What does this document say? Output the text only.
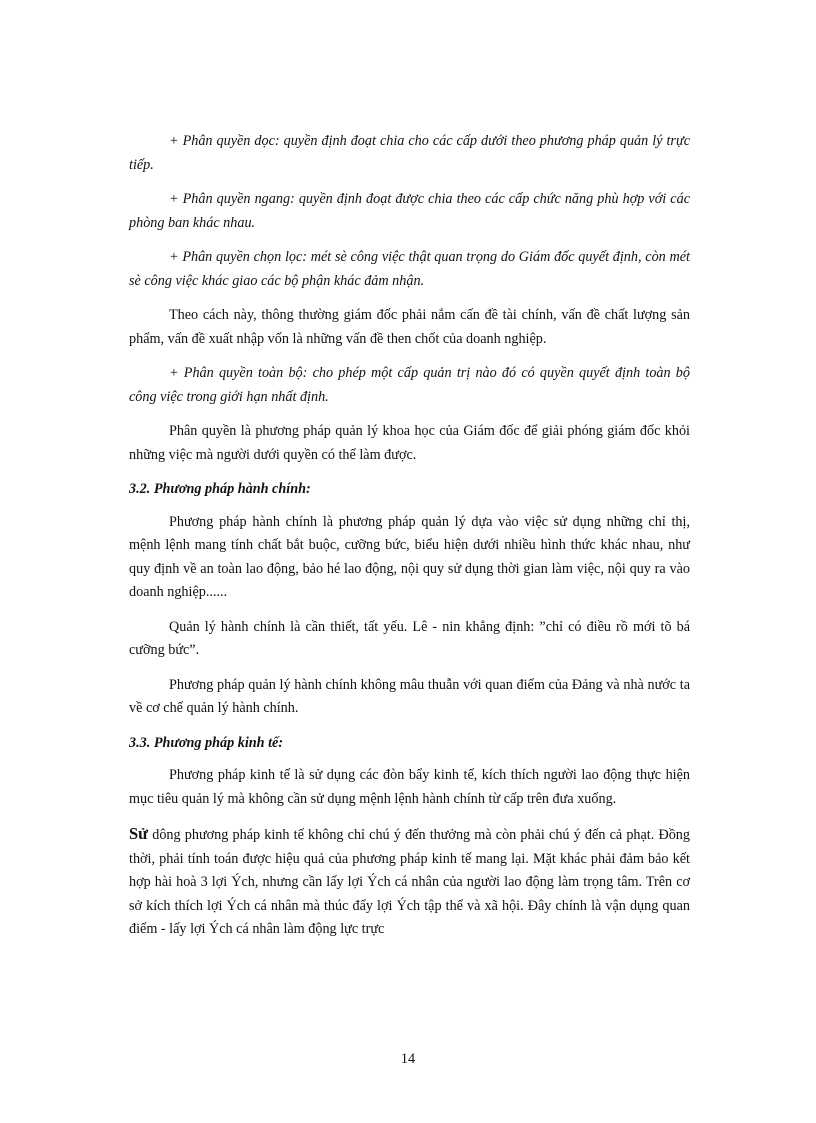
+ Phân quyền dọc: quyền định đoạt chia cho các cấp dưới theo phương pháp quản lý trực tiếp.

+ Phân quyền ngang: quyền định đoạt được chia theo các cấp chức năng phù hợp với các phòng ban khác nhau.

+ Phân quyền chọn lọc: mét sè công việc thật quan trọng do Giám đốc quyết định, còn mét sè công việc khác giao các bộ phận khác đảm nhận.

Theo cách này, thông thường giám đốc phải nắm cấn đề tài chính, vấn đề chất lượng sản phẩm, vấn đề xuất nhập vốn là những vấn đề then chốt của doanh nghiệp.

+ Phân quyền toàn bộ: cho phép một cấp quản trị nào đó có quyền quyết định toàn bộ công việc trong giới hạn nhất định.

Phân quyền là phương pháp quản lý khoa học của Giám đốc để giải phóng giám đốc khỏi những việc mà người dưới quyền có thể làm được.

3.2. Phương pháp hành chính:

Phương pháp hành chính là phương pháp quản lý dựa vào việc sử dụng những chỉ thị, mệnh lệnh mang tính chất bắt buộc, cưỡng bức, biểu hiện dưới nhiều hình thức khác nhau, như quy định về an toàn lao động, bảo hé lao động, nội quy sử dụng thời gian làm việc, nội quy ra vào doanh nghiệp......

Quản lý hành chính là cần thiết, tất yếu. Lê - nin khẳng định: ”chỉ có điều rồ mới tõ bá cưỡng bức”.

Phương pháp quản lý hành chính không mâu thuẫn với quan điểm của Đảng và nhà nước ta về cơ chế quản lý hành chính.

3.3. Phương pháp kinh tế:

Phương pháp kinh tế là sử dụng các đòn bẩy kinh tế, kích thích người lao động thực hiện mục tiêu quản lý mà không cần sử dụng mệnh lệnh hành chính từ cấp trên đưa xuống.

Sử dông phương pháp kinh tế không chỉ chú ý đến thưởng mà còn phải chú ý đến cả phạt. Đồng thời, phải tính toán được hiệu quả của phương pháp kinh tế mang lại. Mặt khác phải đảm bảo kết hợp hài hoà 3 lợi Ých, nhưng cần lấy lợi Ých cá nhân của người lao động làm trọng tâm. Trên cơ sở kích thích lợi Ých cá nhân mà thúc đẩy lợi Ých tập thể và xã hội. Đây chính là vận dụng quan điểm - lấy lợi Ých cá nhân làm động lực trực

14
